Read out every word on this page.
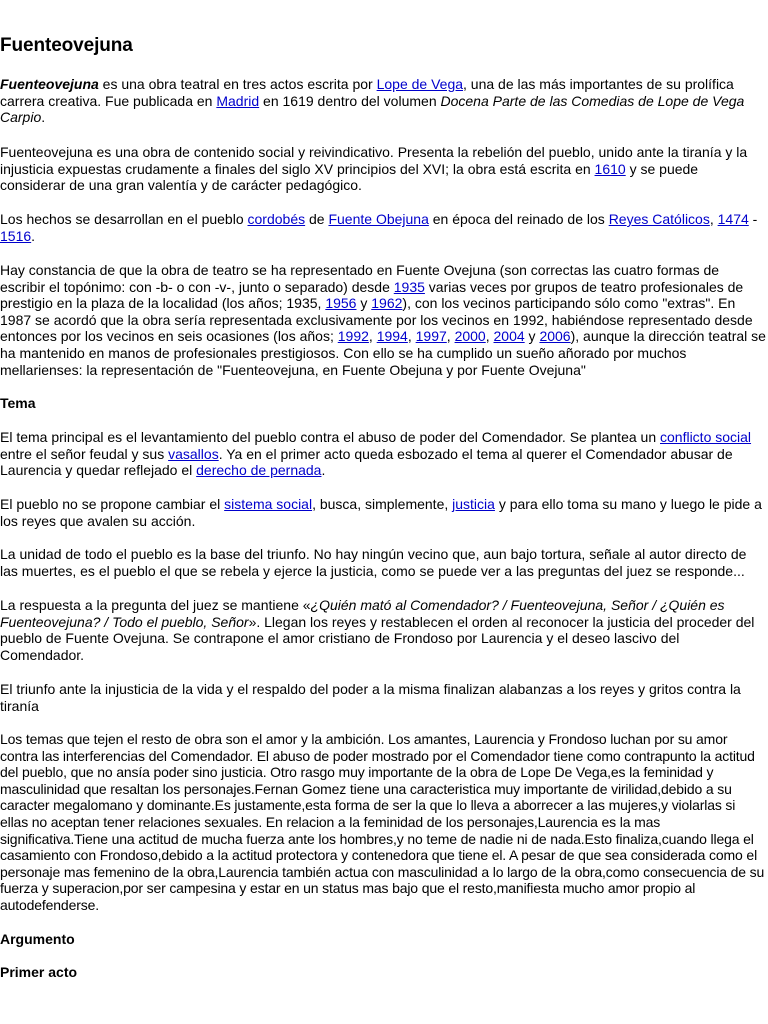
Fuenteovejuna

Fuenteovejuna es una obra teatral en tres actos escrita por Lope de Vega, una de las más importantes de su prolífica carrera creativa. Fue publicada en Madrid en 1619 dentro del volumen Docena Parte de las Comedias de Lope de Vega Carpio.

Fuenteovejuna es una obra de contenido social y reivindicativo. Presenta la rebelión del pueblo, unido ante la tiranía y la injusticia expuestas crudamente a finales del siglo XV principios del XVI; la obra está escrita en 1610 y se puede considerar de una gran valentía y de carácter pedagógico.

Los hechos se desarrollan en el pueblo cordobés de Fuente Obejuna en época del reinado de los Reyes Católicos, 1474 - 1516.

Hay constancia de que la obra de teatro se ha representado en Fuente Ovejuna (son correctas las cuatro formas de escribir el topónimo: con -b- o con -v-, junto o separado) desde 1935 varias veces por grupos de teatro profesionales de prestigio en la plaza de la localidad (los años; 1935, 1956 y 1962), con los vecinos participando sólo como "extras". En 1987 se acordó que la obra sería representada exclusivamente por los vecinos en 1992, habiéndose representado desde entonces por los vecinos en seis ocasiones (los años; 1992, 1994, 1997, 2000, 2004 y 2006), aunque la dirección teatral se ha mantenido en manos de profesionales prestigiosos. Con ello se ha cumplido un sueño añorado por muchos mellarienses: la representación de "Fuenteovejuna, en Fuente Obejuna y por Fuente Ovejuna"

Tema

El tema principal es el levantamiento del pueblo contra el abuso de poder del Comendador. Se plantea un conflicto social entre el señor feudal y sus vasallos. Ya en el primer acto queda esbozado el tema al querer el Comendador abusar de Laurencia y quedar reflejado el derecho de pernada.

El pueblo no se propone cambiar el sistema social, busca, simplemente, justicia y para ello toma su mano y luego le pide a los reyes que avalen su acción.

La unidad de todo el pueblo es la base del triunfo. No hay ningún vecino que, aun bajo tortura, señale al autor directo de las muertes, es el pueblo el que se rebela y ejerce la justicia, como se puede ver a las preguntas del juez se responde...

La respuesta a la pregunta del juez se mantiene «¿Quién mató al Comendador? / Fuenteovejuna, Señor / ¿Quién es Fuenteovejuna? / Todo el pueblo, Señor». Llegan los reyes y restablecen el orden al reconocer la justicia del proceder del pueblo de Fuente Ovejuna. Se contrapone el amor cristiano de Frondoso por Laurencia y el deseo lascivo del Comendador.

El triunfo ante la injusticia de la vida y el respaldo del poder a la misma finalizan alabanzas a los reyes y gritos contra la tiranía

Los temas que tejen el resto de obra son el amor y la ambición. Los amantes, Laurencia y Frondoso luchan por su amor contra las interferencias del Comendador. El abuso de poder mostrado por el Comendador tiene como contrapunto la actitud del pueblo, que no ansía poder sino justicia. Otro rasgo muy importante de la obra de Lope De Vega,es la feminidad y masculinidad que resaltan los personajes.Fernan Gomez tiene una caracteristica muy importante de virilidad,debido a su caracter megalomano y dominante.Es justamente,esta forma de ser la que lo lleva a aborrecer a las mujeres,y violarlas si ellas no aceptan tener relaciones sexuales. En relacion a la feminidad de los personajes,Laurencia es la mas significativa.Tiene una actitud de mucha fuerza ante los hombres,y no teme de nadie ni de nada.Esto finaliza,cuando llega el casamiento con Frondoso,debido a la actitud protectora y contenedora que tiene el. A pesar de que sea considerada como el personaje mas femenino de la obra,Laurencia también actua con masculinidad a lo largo de la obra,como consecuencia de su fuerza y superacion,por ser campesina y estar en un status mas bajo que el resto,manifiesta mucho amor propio al autodefenderse.

Argumento
Primer acto
